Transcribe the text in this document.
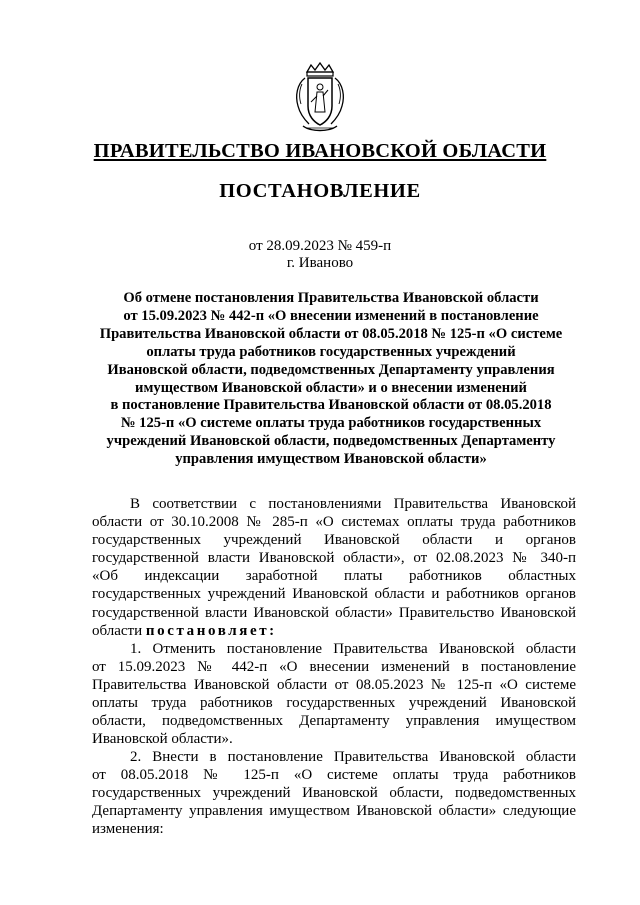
ПРАВИТЕЛЬСТВО ИВАНОВСКОЙ ОБЛАСТИ
ПОСТАНОВЛЕНИЕ
от 28.09.2023 № 459-п
г. Иваново
Об отмене постановления Правительства Ивановской области
от 15.09.2023 № 442-п «О внесении изменений в постановление
Правительства Ивановской области от 08.05.2018 № 125-п «О системе
оплаты труда работников государственных учреждений
Ивановской области, подведомственных Департаменту управления
имуществом Ивановской области» и о внесении изменений
в постановление Правительства Ивановской области от 08.05.2018
№ 125-п «О системе оплаты труда работников государственных
учреждений Ивановской области, подведомственных Департаменту
управления имуществом Ивановской области»
В соответствии с постановлениями Правительства Ивановской
области от 30.10.2008 № 285-п «О системах оплаты труда работников
государственных учреждений Ивановской области и органов
государственной власти Ивановской области», от 02.08.2023 № 340-п
«Об индексации заработной платы работников областных
государственных учреждений Ивановской области и работников органов
государственной власти Ивановской области» Правительство Ивановской
области постановляет:
1. Отменить постановление Правительства Ивановской области
от 15.09.2023 № 442-п «О внесении изменений в постановление
Правительства Ивановской области от 08.05.2023 № 125-п «О системе
оплаты труда работников государственных учреждений Ивановской
области, подведомственных Департаменту управления имуществом
Ивановской области».
2. Внести в постановление Правительства Ивановской области
от 08.05.2018 № 125-п «О системе оплаты труда работников
государственных учреждений Ивановской области, подведомственных
Департаменту управления имуществом Ивановской области» следующие
изменения:
